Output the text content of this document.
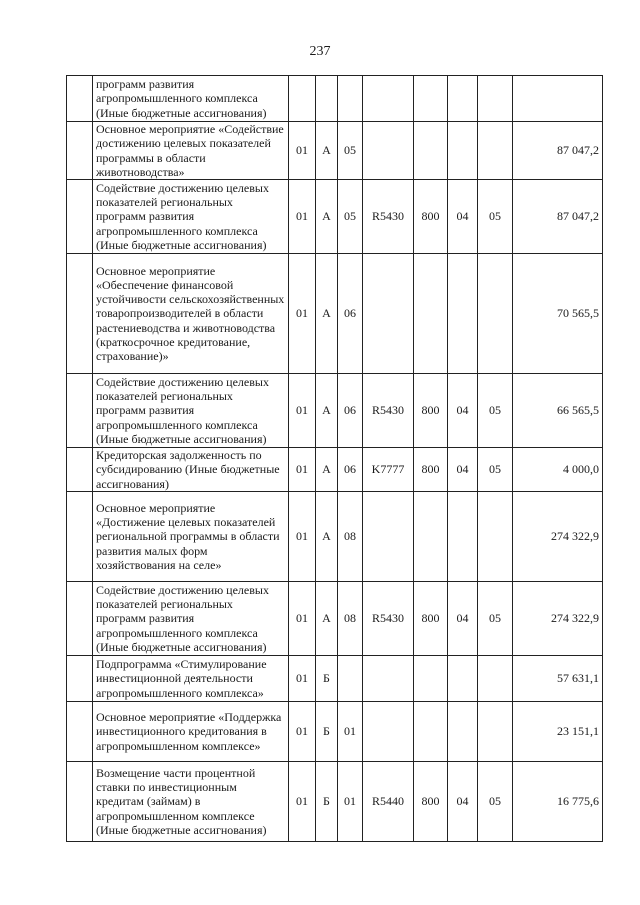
237
	программ развития агропромышленного комплекса (Иные бюджетные ассигнования)								
	Основное мероприятие «Содействие достижению целевых показателей программы в области животноводства»	01	А	05					87 047,2
	Содействие достижению целевых показателей региональных программ развития агропромышленного комплекса (Иные бюджетные ассигнования)	01	А	05	R5430	800	04	05	87 047,2
	Основное мероприятие «Обеспечение финансовой устойчивости сельскохозяйственных товаропроизводителей в области растениеводства и животноводства (краткосрочное кредитование, страхование)»	01	А	06					70 565,5
	Содействие достижению целевых показателей региональных программ развития агропромышленного комплекса (Иные бюджетные ассигнования)	01	А	06	R5430	800	04	05	66 565,5
	Кредиторская задолженность по субсидированию (Иные бюджетные ассигнования)	01	А	06	K7777	800	04	05	4 000,0
	Основное мероприятие «Достижение целевых показателей региональной программы в области развития малых форм хозяйствования на селе»	01	А	08					274 322,9
	Содействие достижению целевых показателей региональных программ развития агропромышленного комплекса (Иные бюджетные ассигнования)	01	А	08	R5430	800	04	05	274 322,9
	Подпрограмма «Стимулирование инвестиционной деятельности агропромышленного комплекса»	01	Б						57 631,1
	Основное мероприятие «Поддержка инвестиционного кредитования в агропромышленном комплексе»	01	Б	01					23 151,1
	Возмещение части процентной ставки по инвестиционным кредитам (займам) в агропромышленном комплексе (Иные бюджетные ассигнования)	01	Б	01	R5440	800	04	05	16 775,6
